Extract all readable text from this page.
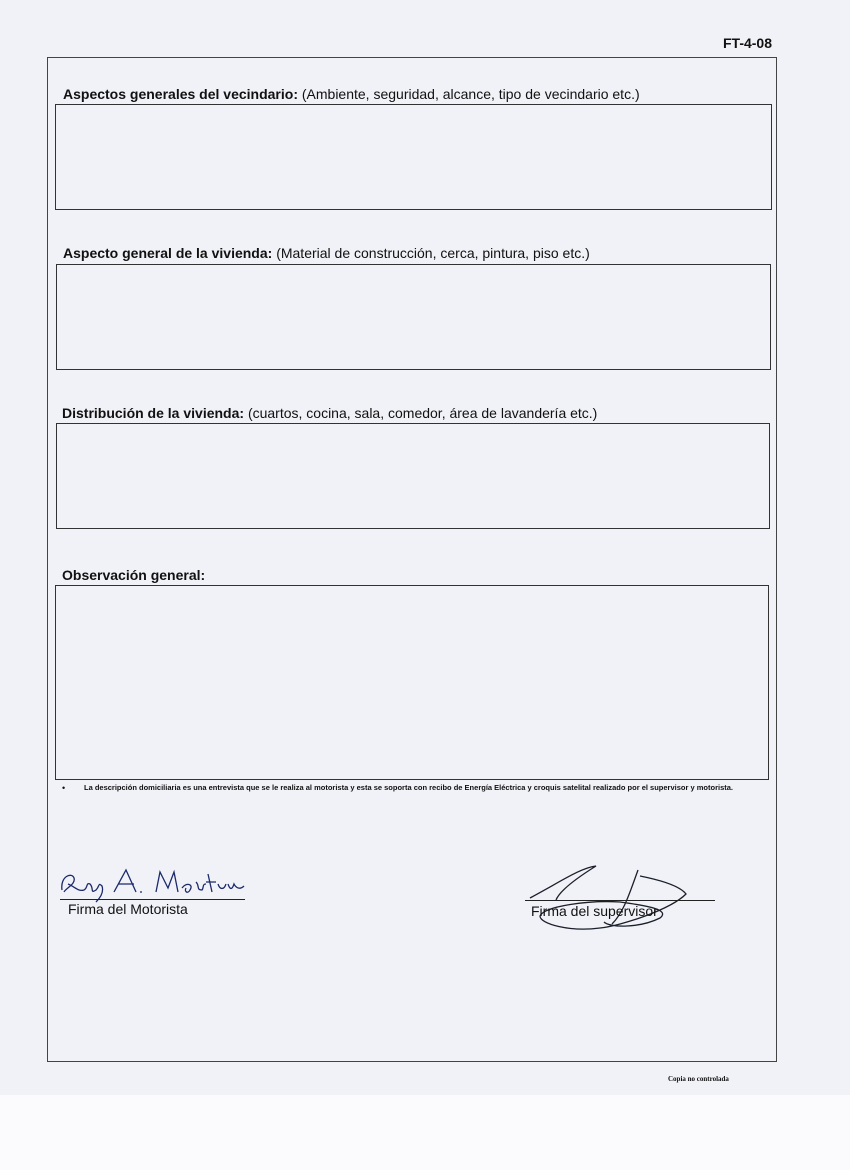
FT-4-08
Aspectos generales del vecindario: (Ambiente, seguridad, alcance, tipo de vecindario etc.)
Aspecto general de la vivienda: (Material de construcción, cerca, pintura, piso etc.)
Distribución de la vivienda: (cuartos, cocina, sala, comedor, área de lavandería etc.)
Observación general:
•	La descripción domiciliaria es una entrevista que se le realiza al motorista y esta se soporta con recibo de Energía Eléctrica y croquis satelital realizado por el supervisor y motorista.
Firma del Motorista	Firma del supervisor
Copia no controlada
